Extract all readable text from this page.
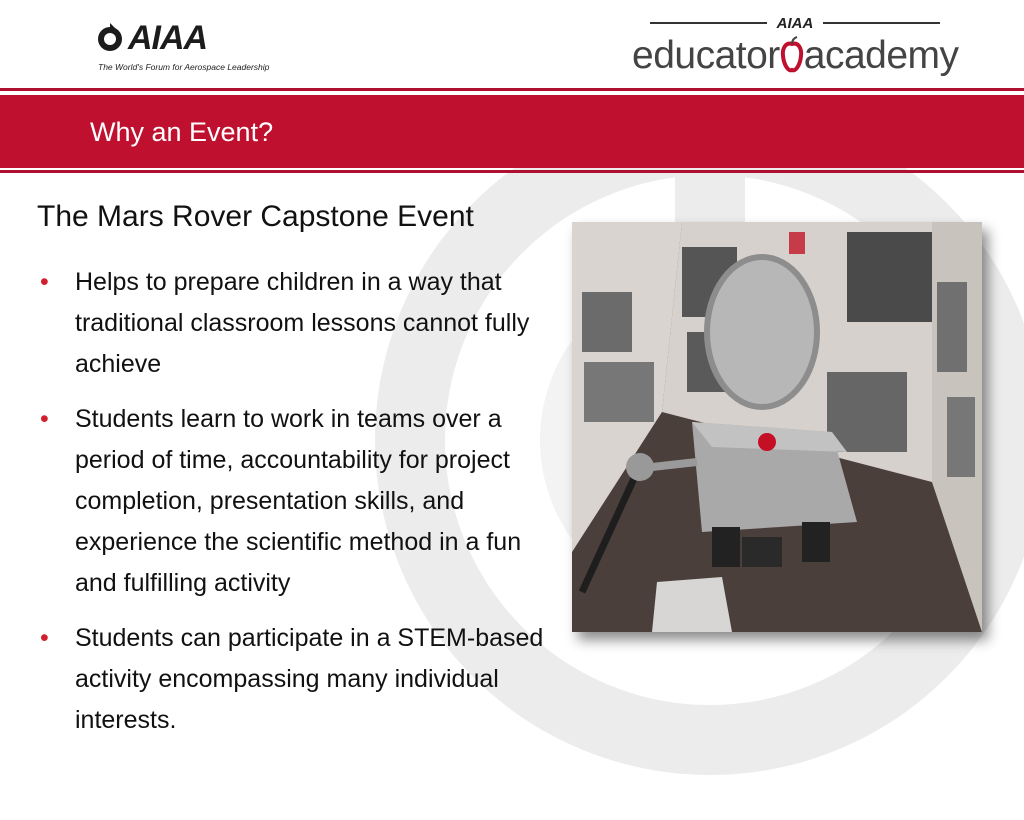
AIAA
The World's Forum for Aerospace Leadership
AIAA
educator academy
Why an Event?
The Mars Rover Capstone Event
• Helps to prepare children in a way that traditional classroom lessons cannot fully achieve
• Students learn to work in teams over a period of time, accountability for project completion, presentation skills, and experience the scientific method in a fun and fulfilling activity
• Students can participate in a STEM-based activity encompassing many individual interests.
